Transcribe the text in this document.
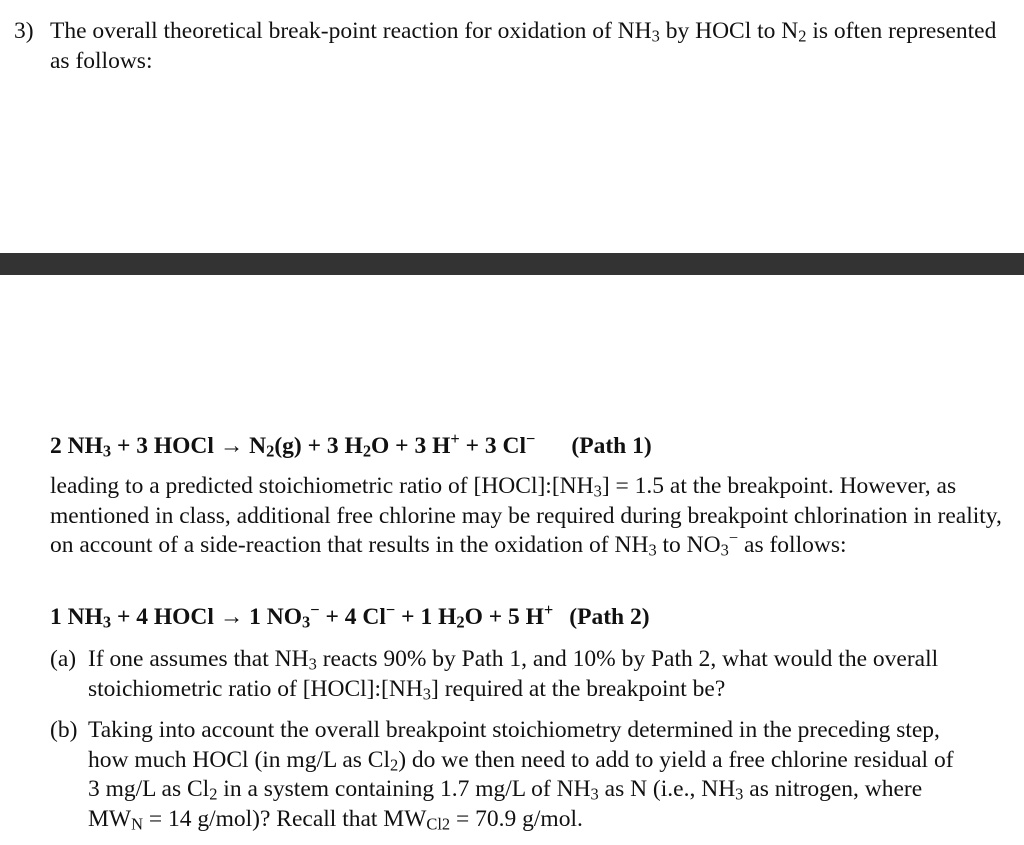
3) The overall theoretical break-point reaction for oxidation of $NH_3$ by HOCl to $N_2$ is often represented as follows:
2 $NH_3 + 3$ HOCl → $N_2(g) + 3$ $H_2O + 3$ H+ + 3 Cl− (Path 1)
leading to a predicted stoichiometric ratio of $[HOCl]:[NH_3] = 1.5$ at the breakpoint. However, as mentioned in class, additional free chlorine may be required during breakpoint chlorination in reality, on account of a side-reaction that results in the oxidation of $NH_3$ to $NO_3^-$ as follows:
1 $NH_3 + 4$ HOCl → 1 $NO_3^- + 4$ Cl− + 1 $H_2O + 5$ H+ (Path 2)
(a) If one assumes that $NH_3$ reacts 90% by Path 1, and 10% by Path 2, what would the overall stoichiometric ratio of $[HOCl]:[NH_3]$ required at the breakpoint be?
(b) Taking into account the overall breakpoint stoichiometry determined in the preceding step, how much HOCl (in mg/L as $Cl_2$) do we then need to add to yield a free chlorine residual of 3 mg/L as $Cl_2$ in a system containing 1.7 mg/L of $NH_3$ as N (i.e., $NH_3$ as nitrogen, where $MW_N = 14$ g/mol)? Recall that $MW_{Cl2} = 70.9$ g/mol.
